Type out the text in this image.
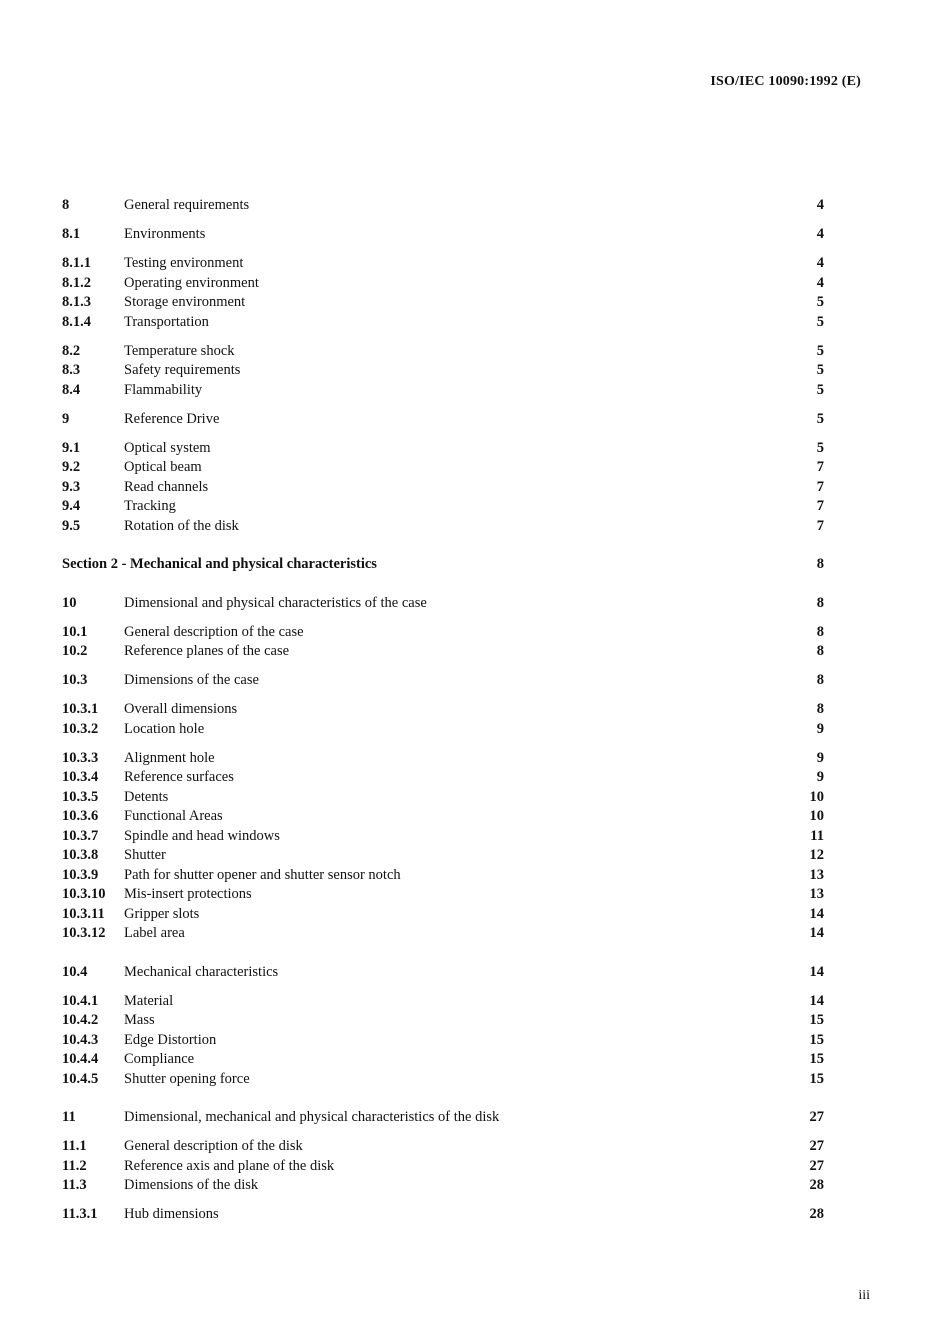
ISO/IEC 10090:1992 (E)
8	General requirements	4
8.1	Environments	4
8.1.1 Testing environment	4
8.1.2 Operating environment	4
8.1.3 Storage environment	5
8.1.4 Transportation	5
8.2	Temperature shock	5
8.3	Safety requirements	5
8.4	Flammability	5
9	Reference Drive	5
9.1	Optical system	5
9.2	Optical beam	7
9.3	Read channels	7
9.4	Tracking	7
9.5	Rotation of the disk	7
Section 2 - Mechanical and physical characteristics	8
10	Dimensional and physical characteristics of the case	8
10.1	General description of the case	8
10.2	Reference planes of the case	8
10.3	Dimensions of the case	8
10.3.1 Overall dimensions	8
10.3.2 Location hole	9
10.3.3 Alignment hole	9
10.3.4 Reference surfaces	9
10.3.5 Detents	10
10.3.6 Functional Areas	10
10.3.7 Spindle and head windows	11
10.3.8 Shutter	12
10.3.9 Path for shutter opener and shutter sensor notch	13
10.3.10 Mis-insert protections	13
10.3.11 Gripper slots	14
10.3.12 Label area	14
10.4	Mechanical characteristics	14
10.4.1 Material	14
10.4.2 Mass	15
10.4.3 Edge Distortion	15
10.4.4 Compliance	15
10.4.5 Shutter opening force	15
11	Dimensional, mechanical and physical characteristics of the disk	27
11.1	General description of the disk	27
11.2	Reference axis and plane of the disk	27
11.3	Dimensions of the disk	28
11.3.1 Hub dimensions	28
iii
